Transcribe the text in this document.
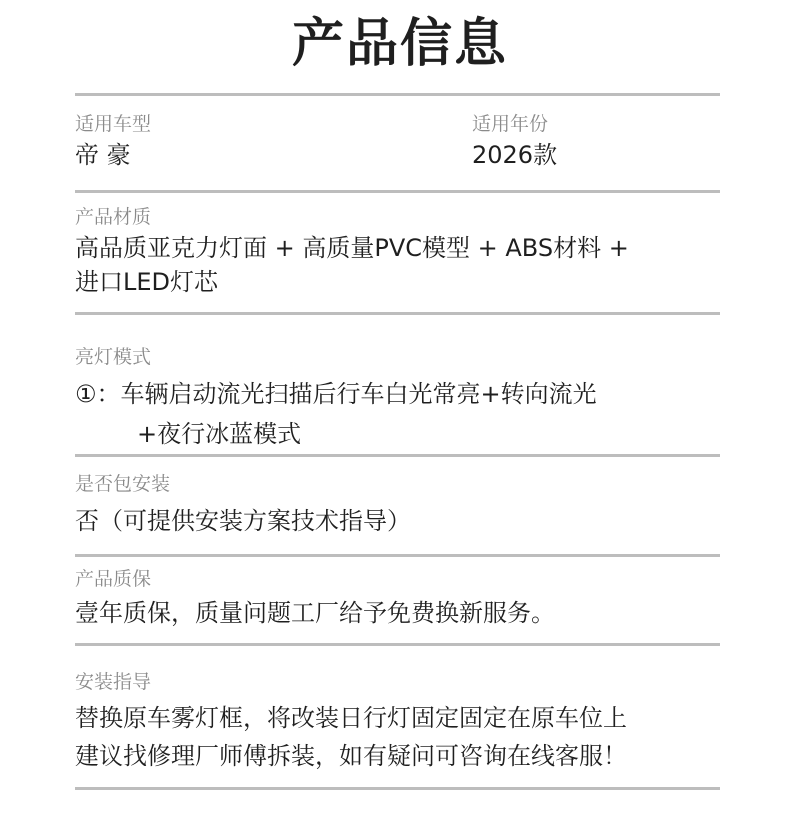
产品信息
适用车型
帝 豪
适用年份
2026款
产品材质
高品质亚克力灯面 + 高质量PVC模型 + ABS材料 +
进口LED灯芯
亮灯模式
①：车辆启动流光扫描后行车白光常亮+转向流光
+夜行冰蓝模式
是否包安装
否（可提供安装方案技术指导）
产品质保
壹年质保，质量问题工厂给予免费换新服务。
安装指导
替换原车雾灯框，将改装日行灯固定固定在原车位上
建议找修理厂师傅拆装，如有疑问可咨询在线客服！
